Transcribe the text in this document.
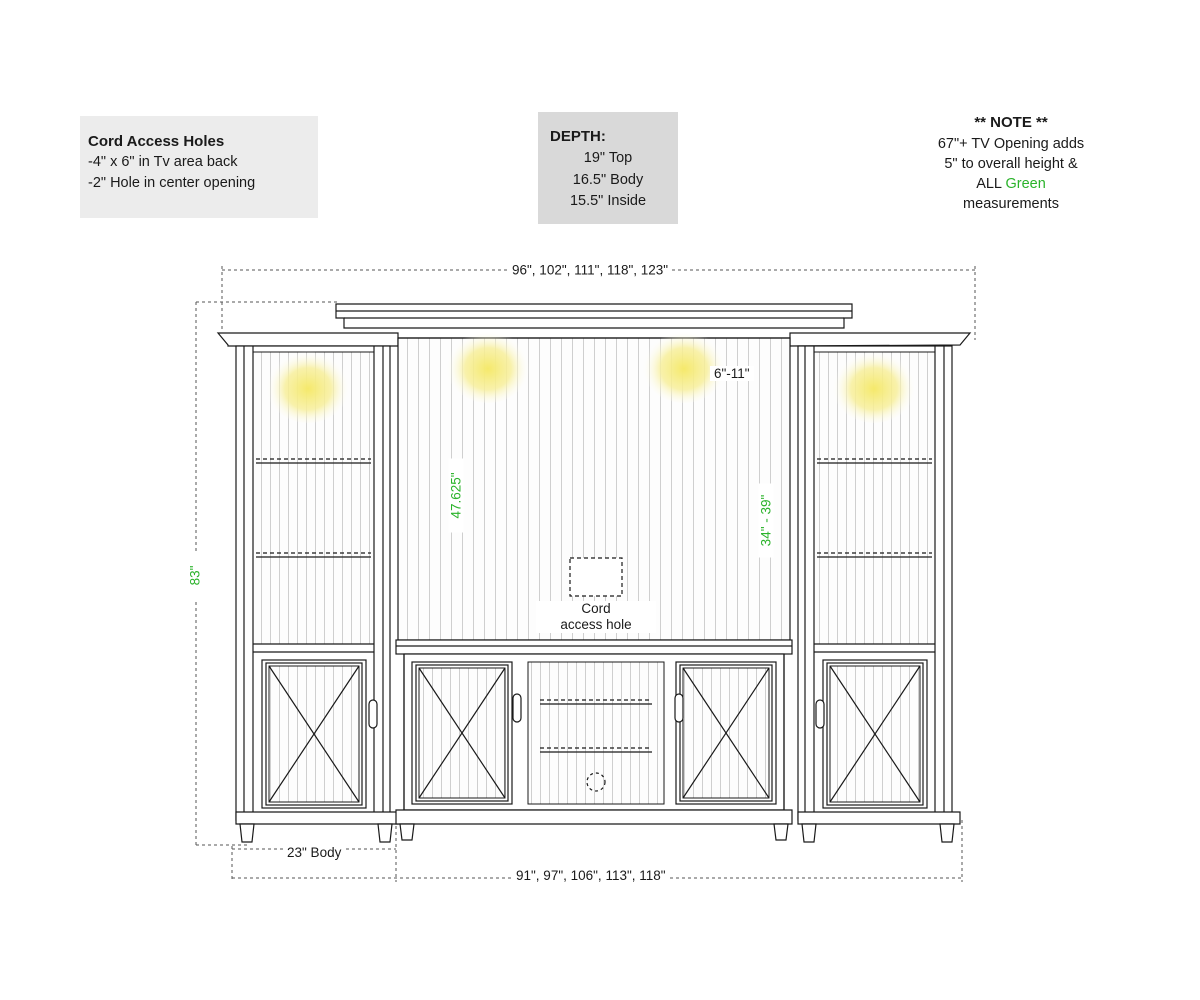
Cord Access Holes
-4" x 6" in Tv area back
-2" Hole in center opening
DEPTH:
19" Top
16.5" Body
15.5" Inside
** NOTE **
67"+ TV Opening adds
5" to overall height &
ALL Green
measurements
96", 102", 111", 118", 123"
91", 97", 106", 113", 118"
83"
47.625"	34" - 39"
6"-11"
23" Body
Cord
access hole
